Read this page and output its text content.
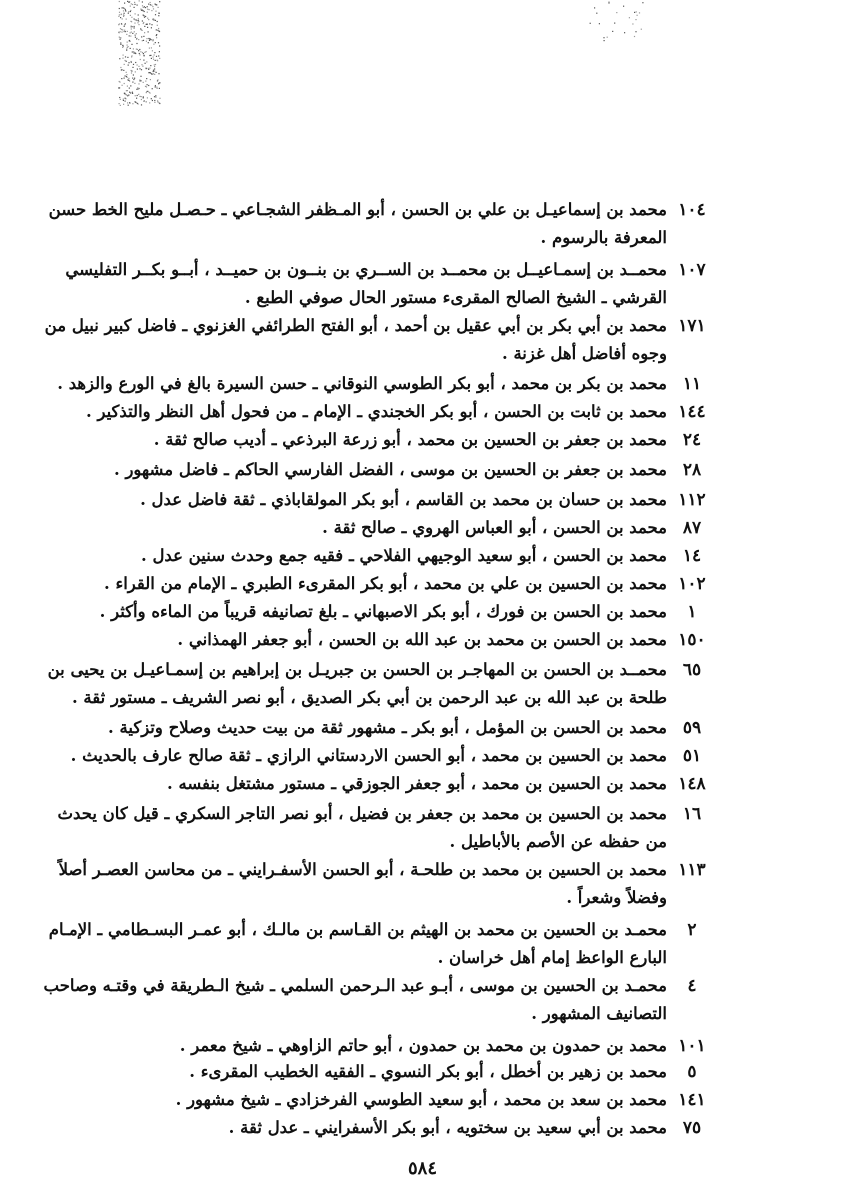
١٠٤
محمد بن إسماعيـل بن علي بن الحسن ، أبو المـظفر الشجـاعي ـ حـصـل مليح الخط حسن
المعرفة بالرسوم .
١٠٧
محمــد بن إسمـاعيــل بن محمــد بن الســري بن بنــون بن حميــد ، أبــو بكــر التفليسي
القرشي ـ الشيخ الصالح المقرىء مستور الحال صوفي الطبع .
١٧١
محمد بن أبي بكر بن أبي عقيل بن أحمد ، أبو الفتح الطرائفي الغزنوي ـ فاضل كبير نبيل من
وجوه أفاضل أهل غزنة .
١١
محمد بن بكر بن محمد ، أبو بكر الطوسي النوقاني ـ حسن السيرة بالغ في الورع والزهد .
١٤٤
محمد بن ثابت بن الحسن ، أبو بكر الخجندي ـ الإمام ـ من فحول أهل النظر والتذكير .
٢٤
محمد بن جعفر بن الحسين بن محمد ، أبو زرعة البرذعي ـ أديب صالح ثقة .
٢٨
محمد بن جعفر بن الحسين بن موسى ، الفضل الفارسي الحاكم ـ فاضل مشهور .
١١٢
محمد بن حسان بن محمد بن القاسم ، أبو بكر المولقاباذي ـ ثقة فاضل عدل .
٨٧
محمد بن الحسن ، أبو العباس الهروي ـ صالح ثقة .
١٤
محمد بن الحسن ، أبو سعيد الوجيهي الفلاحي ـ فقيه جمع وحدث سنين عدل .
١٠٢
محمد بن الحسين بن علي بن محمد ، أبو بكر المقرىء الطبري ـ الإمام من القراء .
١
محمد بن الحسن بن فورك ، أبو بكر الاصبهاني ـ بلغ تصانيفه قريباً من الماءه وأكثر .
١٥٠
محمد بن الحسن بن محمد بن عبد الله بن الحسن ، أبو جعفر الهمذاني .
٦٥
محمــد بن الحسن بن المهاجـر بن الحسن بن جبريـل بن إبراهيم بن إسمـاعيـل بن يحيى بن
طلحة بن عبد الله بن عبد الرحمن بن أبي بكر الصديق ، أبو نصر الشريف ـ مستور ثقة .
٥٩
محمد بن الحسن بن المؤمل ، أبو بكر ـ مشهور ثقة من بيت حديث وصلاح وتزكية .
٥١
محمد بن الحسين بن محمد ، أبو الحسن الاردستاني الرازي ـ ثقة صالح عارف بالحديث .
١٤٨
محمد بن الحسين بن محمد ، أبو جعفر الجوزقي ـ مستور مشتغل بنفسه .
١٦
محمد بن الحسين بن محمد بن جعفر بن فضيل ، أبو نصر التاجر السكري ـ قيل كان يحدث
من حفظه عن الأصم بالأباطيل .
١١٣
محمد بن الحسين بن محمد بن طلحـة ، أبو الحسن الأسفـرايني ـ من محاسن العصـر أصلاً
وفضلاً وشعراً .
٢
محمـد بن الحسين بن محمد بن الهيثم بن القـاسم بن مالـك ، أبو عمـر البسـطامي ـ الإمـام
البارع الواعظ إمام أهل خراسان .
٤
محمـد بن الحسين بن موسى ، أبـو عبد الـرحمن السلمي ـ شيخ الـطريقة في وقتـه وصاحب
التصانيف المشهور .
١٠١
محمد بن حمدون بن محمد بن حمدون ، أبو حاتم الزاوهي ـ شيخ معمر .
٥
محمد بن زهير بن أخطل ، أبو بكر النسوي ـ الفقيه الخطيب المقرىء .
١٤١
محمد بن سعد بن محمد ، أبو سعيد الطوسي الفرخزادي ـ شيخ مشهور .
٧٥
محمد بن أبي سعيد بن سختويه ، أبو بكر الأسفرايني ـ عدل ثقة .
٥٨٤
